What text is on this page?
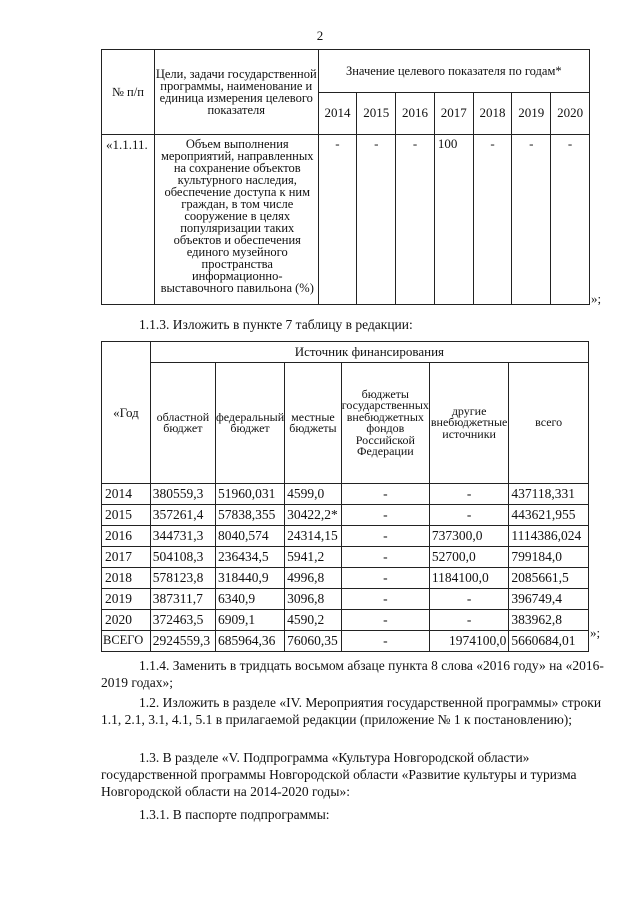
2
№ п/п	Цели, задачи государственной программы, наименование и единица измерения целевого показателя	Значение целевого показателя по годам*						
		2014	2015	2016	2017	2018	2019	2020
«1.1.11.	Объем выполнения мероприятий, направленных на сохранение объектов культурного наследия, обеспечение доступа к ним граждан, в том числе сооружение в целях популяризации таких объектов и обеспечения единого музейного пространства информационно-выставочного павильона (%)	-	-	-	100	-	-	-
»;
1.1.3. Изложить в пункте 7 таблицу в редакции:
«Год	Источник финансирования					
	областной бюджет	федеральный бюджет	местные бюджеты	бюджеты государственных внебюджетных фондов Российской Федерации	другие внебюджетные источники	всего
2014	380559,3	51960,031	4599,0	-	-	437118,331
2015	357261,4	57838,355	30422,2*	-	-	443621,955
2016	344731,3	8040,574	24314,15	-	737300,0	1114386,024
2017	504108,3	236434,5	5941,2	-	52700,0	799184,0
2018	578123,8	318440,9	4996,8	-	1184100,0	2085661,5
2019	387311,7	6340,9	3096,8	-	-	396749,4
2020	372463,5	6909,1	4590,2	-	-	383962,8
ВСЕГО	2924559,3	685964,36	76060,35	-	1974100,0	5660684,01
»;
1.1.4. Заменить в тридцать восьмом абзаце пункта 8 слова «2016 году» на «2016-2019 годах»;
1.2. Изложить в разделе «IV. Мероприятия государственной программы» строки 1.1, 2.1, 3.1, 4.1, 5.1 в прилагаемой редакции (приложение № 1 к постановлению);
1.3. В разделе «V. Подпрограмма «Культура Новгородской области» государственной программы Новгородской области «Развитие культуры и туризма Новгородской области на 2014-2020 годы»:
1.3.1. В паспорте подпрограммы:
